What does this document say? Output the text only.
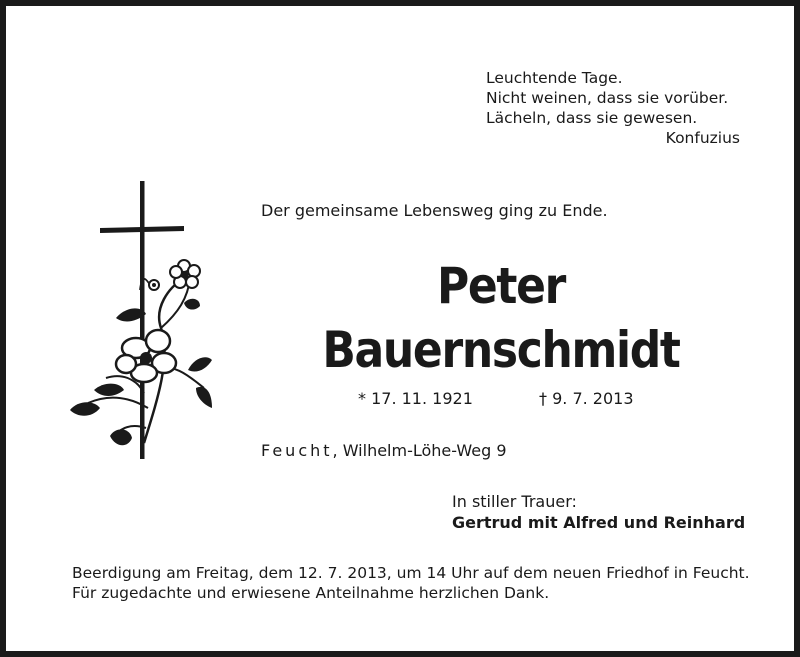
Leuchtende Tage.
Nicht weinen, dass sie vorüber.
Lächeln, dass sie gewesen.
Konfuzius
Der gemeinsame Lebensweg ging zu Ende.
Peter
Bauernschmidt
* 17. 11. 1921	† 9. 7. 2013
Feucht, Wilhelm-Löhe-Weg 9
In stiller Trauer:
Gertrud mit Alfred und Reinhard
Beerdigung am Freitag, dem 12. 7. 2013, um 14 Uhr auf dem neuen Friedhof in Feucht.
Für zugedachte und erwiesene Anteilnahme herzlichen Dank.
